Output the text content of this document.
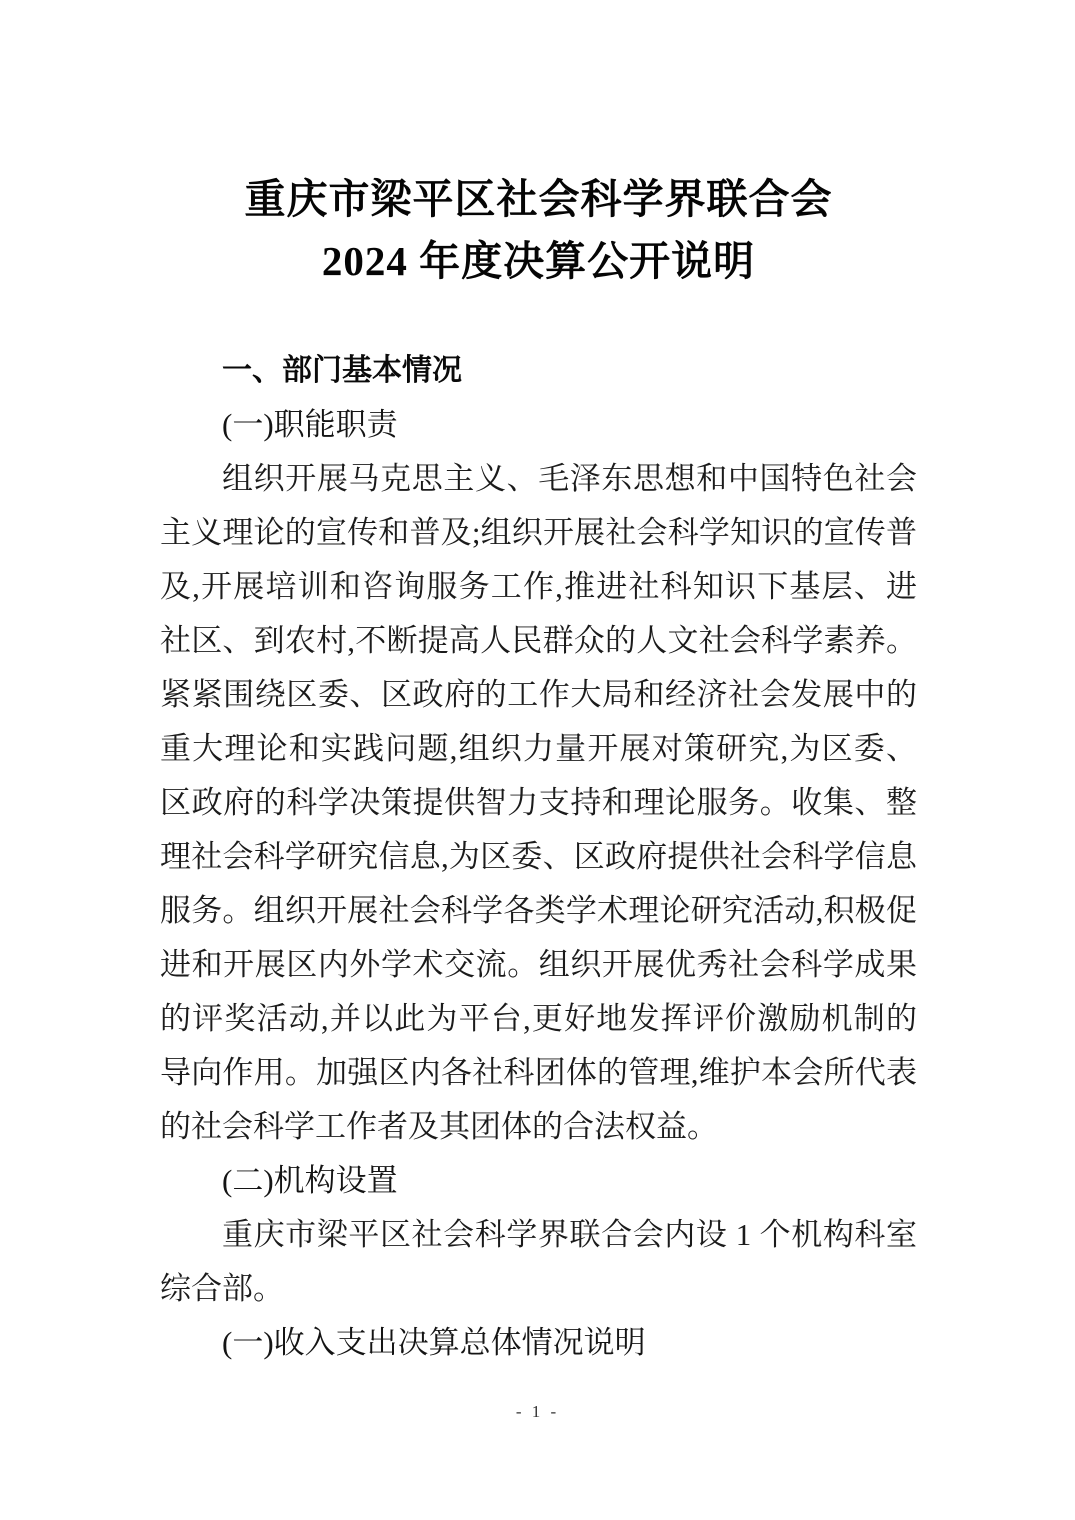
重庆市梁平区社会科学界联合会
2024 年度决算公开说明
一、部门基本情况
(一)职能职责
组织开展马克思主义、毛泽东思想和中国特色社会主义理论的宣传和普及;组织开展社会科学知识的宣传普及,开展培训和咨询服务工作,推进社科知识下基层、进社区、到农村,不断提高人民群众的人文社会科学素养。紧紧围绕区委、区政府的工作大局和经济社会发展中的重大理论和实践问题,组织力量开展对策研究,为区委、区政府的科学决策提供智力支持和理论服务。收集、整理社会科学研究信息,为区委、区政府提供社会科学信息服务。组织开展社会科学各类学术理论研究活动,积极促进和开展区内外学术交流。组织开展优秀社会科学成果的评奖活动,并以此为平台,更好地发挥评价激励机制的导向作用。加强区内各社科团体的管理,维护本会所代表的社会科学工作者及其团体的合法权益。
(二)机构设置
重庆市梁平区社会科学界联合会内设 1 个机构科室综合部。
(一)收入支出决算总体情况说明
- 1 -
